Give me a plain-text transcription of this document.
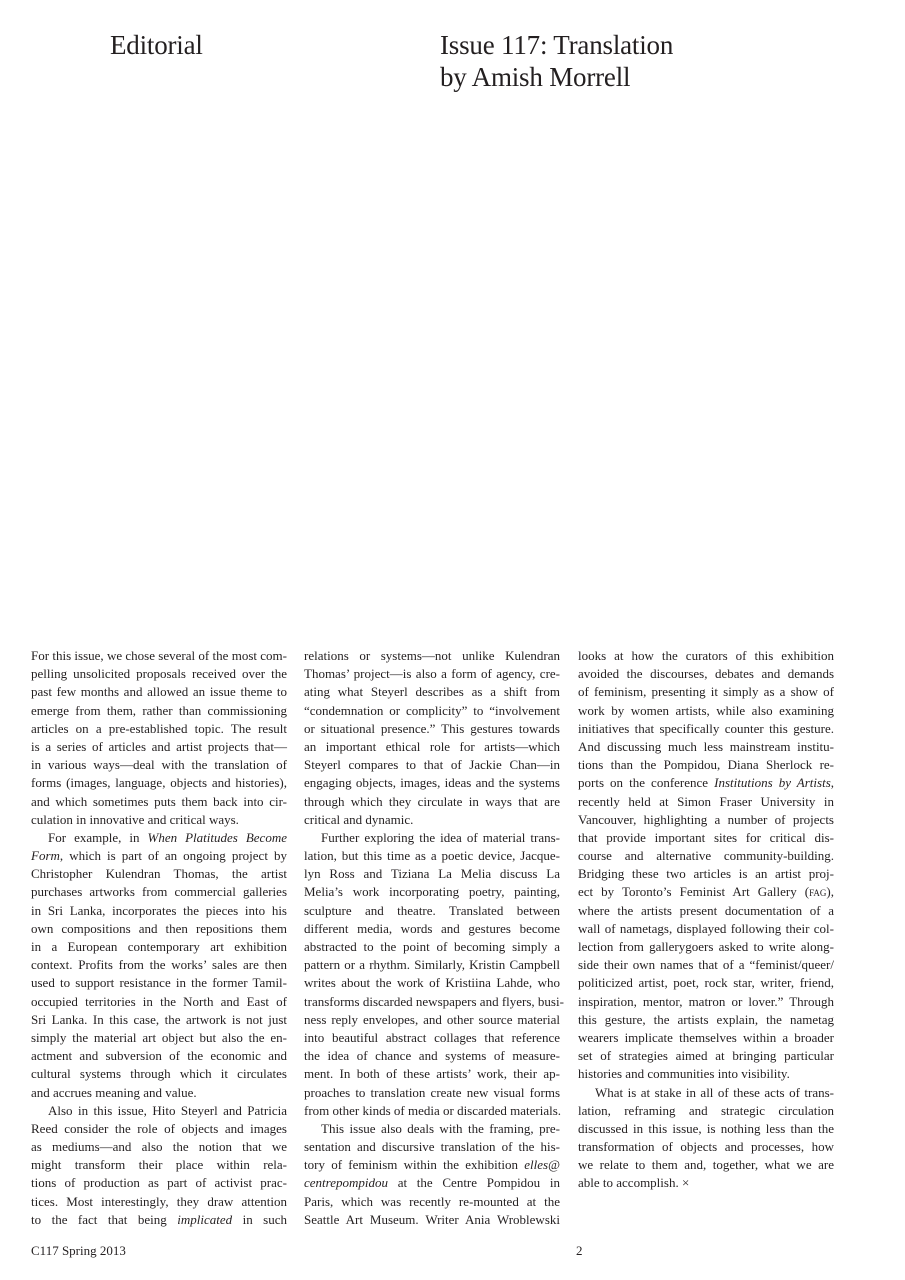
Editorial	Issue 117: Translation
by Amish Morrell
For this issue, we chose several of the most com-
pelling unsolicited proposals received over the
past few months and allowed an issue theme to
emerge from them, rather than commissioning
articles on a pre-established topic. The result
is a series of articles and artist projects that—
in various ways—deal with the translation of
forms (images, language, objects and histories),
and which sometimes puts them back into cir-
culation in innovative and critical ways.
For example, in When Platitudes Become
Form, which is part of an ongoing project by
Christopher Kulendran Thomas, the artist
purchases artworks from commercial galleries
in Sri Lanka, incorporates the pieces into his
own compositions and then repositions them
in a European contemporary art exhibition
context. Profits from the works’ sales are then
used to support resistance in the former Tamil-
occupied territories in the North and East of
Sri Lanka. In this case, the artwork is not just
simply the material art object but also the en-
actment and subversion of the economic and
cultural systems through which it circulates
and accrues meaning and value.
Also in this issue, Hito Steyerl and Patricia
Reed consider the role of objects and images
as mediums—and also the notion that we
might transform their place within rela-
tions of production as part of activist prac-
tices. Most interestingly, they draw attention
to the fact that being implicated in such
relations or systems—not unlike Kulendran
Thomas’ project—is also a form of agency, cre-
ating what Steyerl describes as a shift from
“condemnation or complicity” to “involvement
or situational presence.” This gestures towards
an important ethical role for artists—which
Steyerl compares to that of Jackie Chan—in
engaging objects, images, ideas and the systems
through which they circulate in ways that are
critical and dynamic.
Further exploring the idea of material trans-
lation, but this time as a poetic device, Jacque-
lyn Ross and Tiziana La Melia discuss La
Melia’s work incorporating poetry, painting,
sculpture and theatre. Translated between
different media, words and gestures become
abstracted to the point of becoming simply a
pattern or a rhythm. Similarly, Kristin Campbell
writes about the work of Kristiina Lahde, who
transforms discarded newspapers and flyers, busi-
ness reply envelopes, and other source material
into beautiful abstract collages that reference
the idea of chance and systems of measure-
ment. In both of these artists’ work, their ap-
proaches to translation create new visual forms
from other kinds of media or discarded materials.
This issue also deals with the framing, pre-
sentation and discursive translation of the his-
tory of feminism within the exhibition elles@
centrepompidou at the Centre Pompidou in
Paris, which was recently re-mounted at the
Seattle Art Museum. Writer Ania Wroblewski
looks at how the curators of this exhibition
avoided the discourses, debates and demands
of feminism, presenting it simply as a show of
work by women artists, while also examining
initiatives that specifically counter this gesture.
And discussing much less mainstream institu-
tions than the Pompidou, Diana Sherlock re-
ports on the conference Institutions by Artists,
recently held at Simon Fraser University in
Vancouver, highlighting a number of projects
that provide important sites for critical dis-
course and alternative community-building.
Bridging these two articles is an artist proj-
ect by Toronto’s Feminist Art Gallery (fag),
where the artists present documentation of a
wall of nametags, displayed following their col-
lection from gallerygoers asked to write along-
side their own names that of a “feminist/queer/
politicized artist, poet, rock star, writer, friend,
inspiration, mentor, matron or lover.” Through
this gesture, the artists explain, the nametag
wearers implicate themselves within a broader
set of strategies aimed at bringing particular
histories and communities into visibility.
What is at stake in all of these acts of trans-
lation, reframing and strategic circulation
discussed in this issue, is nothing less than the
transformation of objects and processes, how
we relate to them and, together, what we are
able to accomplish. ×
C117 Spring 2013	2
